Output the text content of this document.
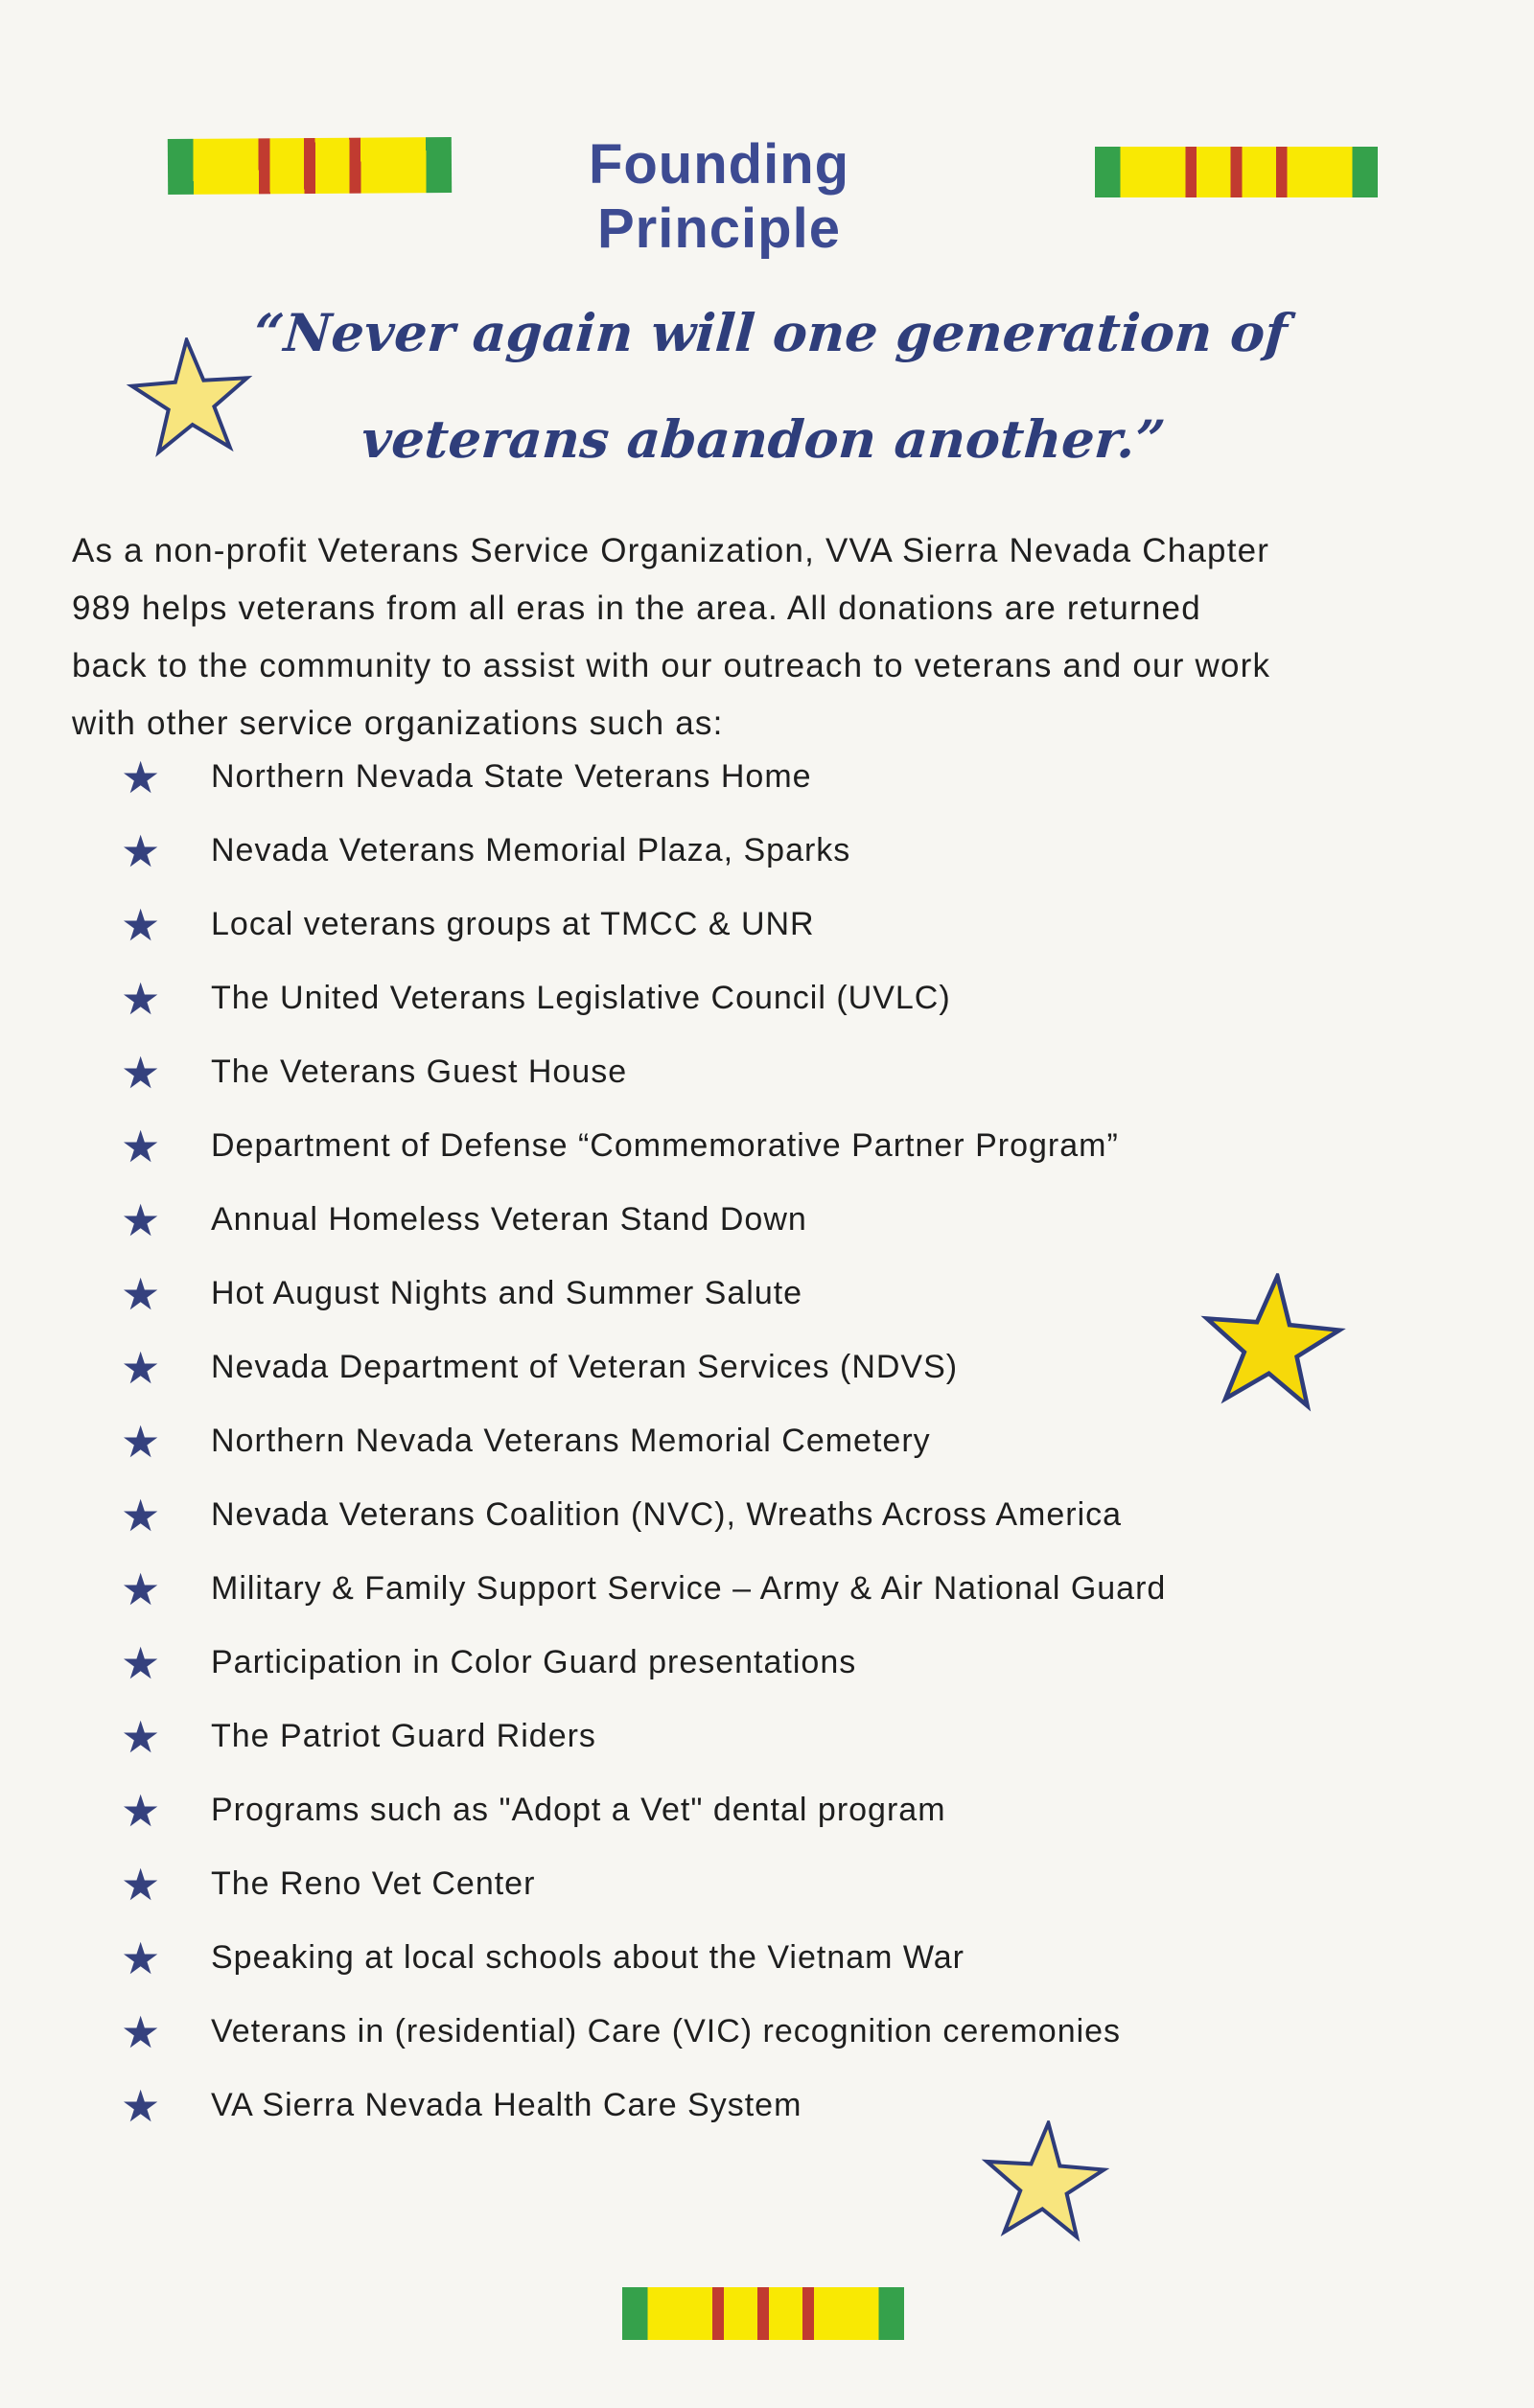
Founding Principle
“Never again will one generation of
veterans abandon another.”
As a non-profit Veterans Service Organization, VVA Sierra Nevada Chapter
989 helps veterans from all eras in the area. All donations are returned
back to the community to assist with our outreach to veterans and our work
with other service organizations such as:
★	Northern Nevada State Veterans Home
★	Nevada Veterans Memorial Plaza, Sparks
★	Local veterans groups at TMCC & UNR
★	The United Veterans Legislative Council (UVLC)
★	The Veterans Guest House
★	Department of Defense “Commemorative Partner Program”
★	Annual Homeless Veteran Stand Down
★	Hot August Nights and Summer Salute
★	Nevada Department of Veteran Services (NDVS)
★	Northern Nevada Veterans Memorial Cemetery
★	Nevada Veterans Coalition (NVC), Wreaths Across America
★	Military & Family Support Service – Army & Air National Guard
★	Participation in Color Guard presentations
★	The Patriot Guard Riders
★	Programs such as "Adopt a Vet" dental program
★	The Reno Vet Center
★	Speaking at local schools about the Vietnam War
★	Veterans in (residential) Care (VIC) recognition ceremonies
★	VA Sierra Nevada Health Care System
